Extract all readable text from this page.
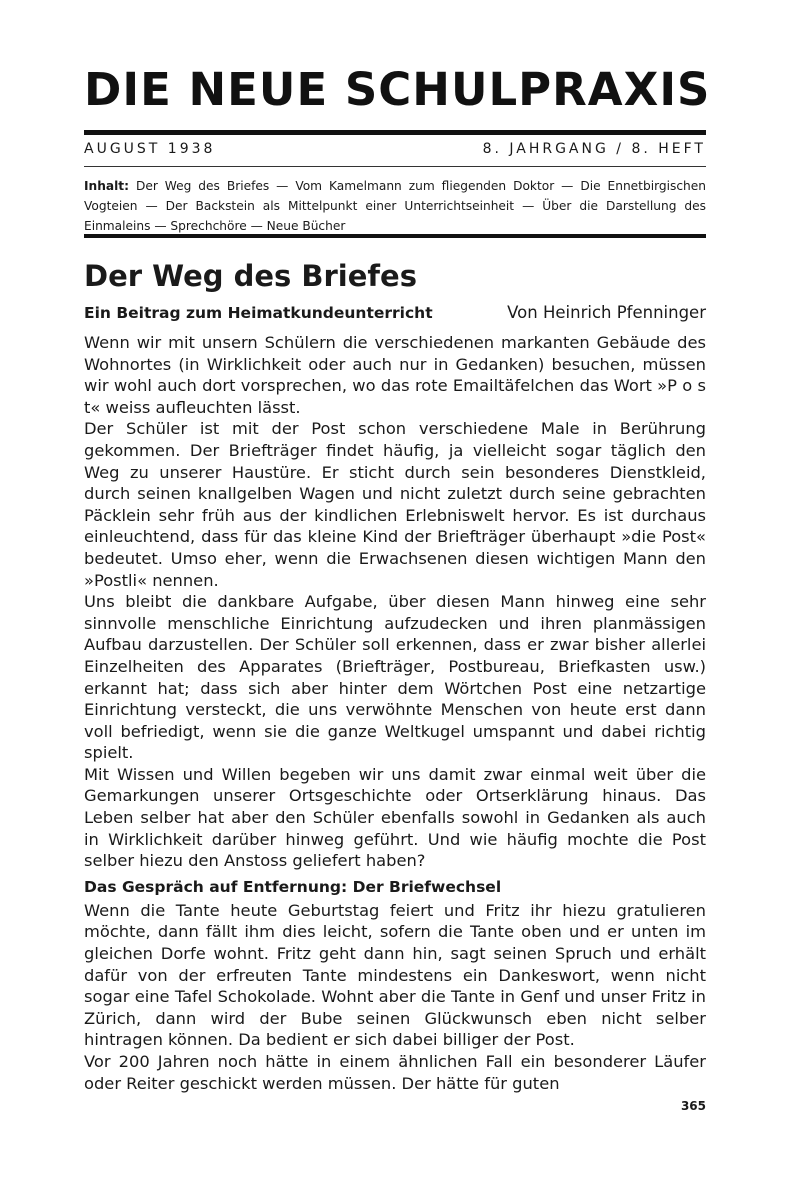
DIE NEUE SCHULPRAXIS
AUGUST 1938	8. JAHRGANG / 8. HEFT
Inhalt: Der Weg des Briefes — Vom Kamelmann zum fliegenden Doktor — Die Ennetbirgischen Vogteien — Der Backstein als Mittelpunkt einer Unterrichtseinheit — Über die Darstellung des Einmaleins — Sprechchöre — Neue Bücher
Der Weg des Briefes
Ein Beitrag zum Heimatkundeunterricht	Von Heinrich Pfenninger

Wenn wir mit unsern Schülern die verschiedenen markanten Gebäude des Wohnortes (in Wirklichkeit oder auch nur in Gedanken) besuchen, müssen wir wohl auch dort vorsprechen, wo das rote Emailtäfelchen das Wort »P o s t« weiss aufleuchten lässt.

Der Schüler ist mit der Post schon verschiedene Male in Berührung gekommen. Der Briefträger findet häufig, ja vielleicht sogar täglich den Weg zu unserer Haustüre. Er sticht durch sein besonderes Dienstkleid, durch seinen knallgelben Wagen und nicht zuletzt durch seine gebrachten Päcklein sehr früh aus der kindlichen Erlebniswelt hervor. Es ist durchaus einleuchtend, dass für das kleine Kind der Briefträger überhaupt »die Post« bedeutet. Umso eher, wenn die Erwachsenen diesen wichtigen Mann den »Postli« nennen.

Uns bleibt die dankbare Aufgabe, über diesen Mann hinweg eine sehr sinnvolle menschliche Einrichtung aufzudecken und ihren planmässigen Aufbau darzustellen. Der Schüler soll erkennen, dass er zwar bisher allerlei Einzelheiten des Apparates (Briefträger, Postbureau, Briefkasten usw.) erkannt hat; dass sich aber hinter dem Wörtchen Post eine netzartige Einrichtung versteckt, die uns verwöhnte Menschen von heute erst dann voll befriedigt, wenn sie die ganze Weltkugel umspannt und dabei richtig spielt.

Mit Wissen und Willen begeben wir uns damit zwar einmal weit über die Gemarkungen unserer Ortsgeschichte oder Ortserklärung hinaus. Das Leben selber hat aber den Schüler ebenfalls sowohl in Gedanken als auch in Wirklichkeit darüber hinweg geführt. Und wie häufig mochte die Post selber hiezu den Anstoss geliefert haben?

Das Gespräch auf Entfernung: Der Briefwechsel

Wenn die Tante heute Geburtstag feiert und Fritz ihr hiezu gratulieren möchte, dann fällt ihm dies leicht, sofern die Tante oben und er unten im gleichen Dorfe wohnt. Fritz geht dann hin, sagt seinen Spruch und erhält dafür von der erfreuten Tante mindestens ein Dankeswort, wenn nicht sogar eine Tafel Schokolade. Wohnt aber die Tante in Genf und unser Fritz in Zürich, dann wird der Bube seinen Glückwunsch eben nicht selber hintragen können. Da bedient er sich dabei billiger der Post.

Vor 200 Jahren noch hätte in einem ähnlichen Fall ein besonderer Läufer oder Reiter geschickt werden müssen. Der hätte für guten

365
